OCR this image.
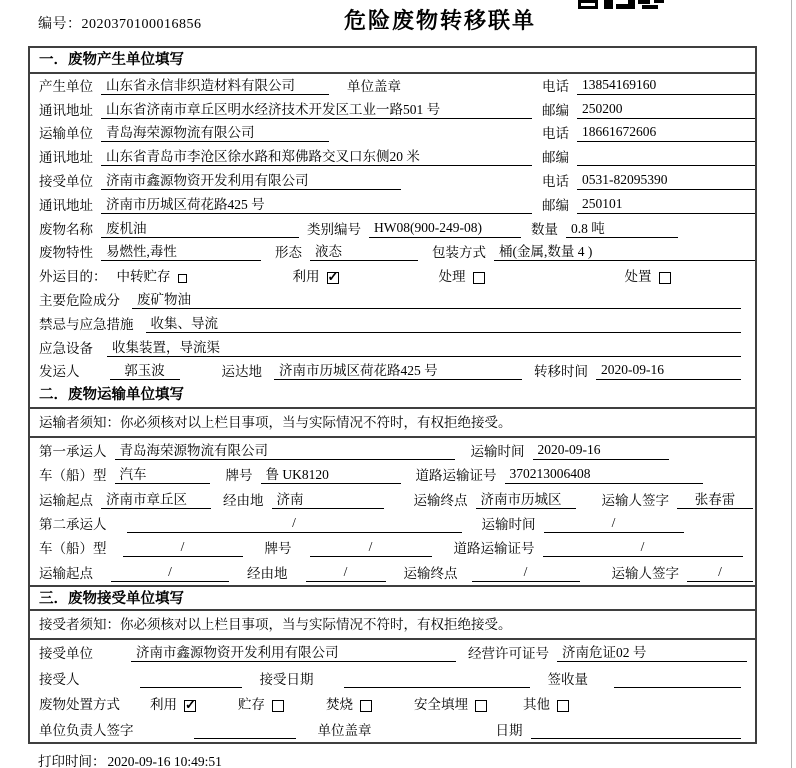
编号：2020370100016856	危险废物转移联单
一．废物产生单位填写
产生单位 山东省永信非织造材料有限公司	单位盖章	电话 13854169160
通讯地址 山东省济南市章丘区明水经济技术开发区工业一路501 号	邮编 250200
运输单位 青岛海荣源物流有限公司	电话 18661672606
通讯地址 山东省青岛市李沧区徐水路和郑佛路交叉口东侧20 米	邮编
接受单位 济南市鑫源物资开发利用有限公司	电话 0531-82095390
通讯地址 济南市历城区荷花路425 号	邮编 250101
废物名称 废机油	类别编号 HW08(900-249-08)	数量 0.8 吨
废物特性 易燃性,毒性	形态 液态	包装方式 桶(金属,数量 4 )
外运目的： 中转贮存	利用 ✓	处理	处置
主要危险成分	废矿物油
禁忌与应急措施	收集、导流
应急设备	收集装置，导流渠
发运人	郭玉波	运达地	济南市历城区荷花路425 号	转移时间 2020-09-16
二．废物运输单位填写
运输者须知：你必须核对以上栏目事项，当与实际情况不符时，有权拒绝接受。
第一承运人 青岛海荣源物流有限公司	运输时间 2020-09-16
车（船）型 汽车	牌号 鲁 UK8120	道路运输证号 370213006408
运输起点 济南市章丘区	经由地 济南	运输终点 济南市历城区	运输人签字	张春雷
第二承运人	/	运输时间	/
车（船）型	/	牌号	/	道路运输证号	/
运输起点	/	经由地	/	运输终点	/	运输人签字	/
三．废物接受单位填写
接受者须知：你必须核对以上栏目事项，当与实际情况不符时，有权拒绝接受。
接受单位	济南市鑫源物资开发利用有限公司	经营许可证号 济南危证02 号
接受人	接受日期	签收量
废物处置方式 利用 ✓	贮存	焚烧	安全填埋	其他
单位负责人签字	单位盖章	日期
打印时间： 2020-09-16 10:49:51
